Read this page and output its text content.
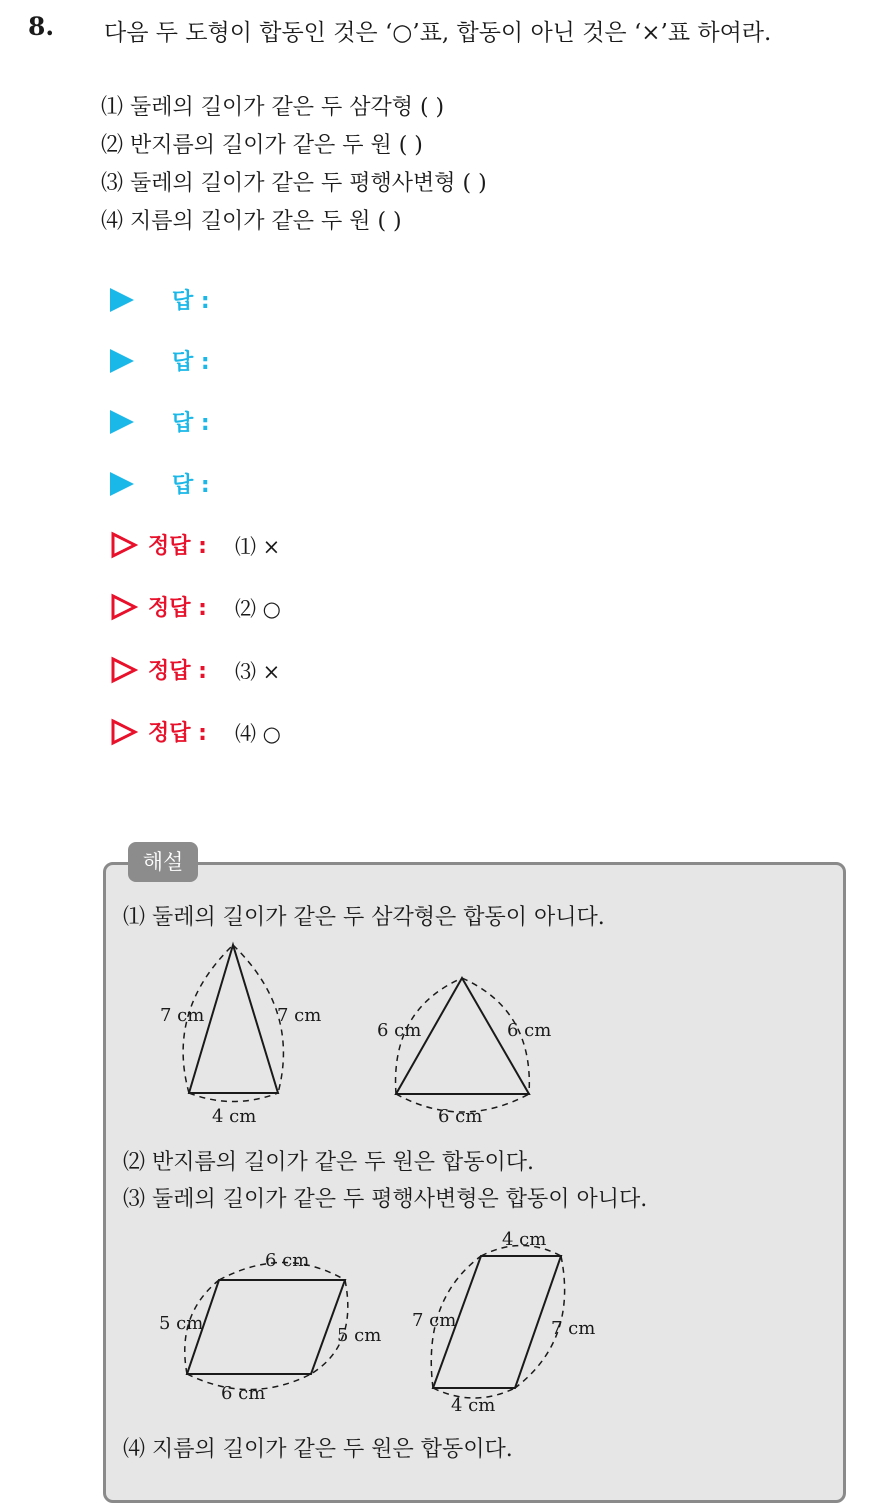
8. 다음 두 도형이 합동인 것은 ‘○’표, 합동이 아닌 것은 ‘×’표 하여라.
⑴ 둘레의 길이가 같은 두 삼각형 ( )
⑵ 반지름의 길이가 같은 두 원 ( )
⑶ 둘레의 길이가 같은 두 평행사변형 ( )
⑷ 지름의 길이가 같은 두 원 ( )
답 :
답 :
답 :
답 :
정답 : ⑴ ×
정답 : ⑵ ○
정답 : ⑶ ×
정답 : ⑷ ○
해설
⑴ 둘레의 길이가 같은 두 삼각형은 합동이 아니다.
⑵ 반지름의 길이가 같은 두 원은 합동이다.
⑶ 둘레의 길이가 같은 두 평행사변형은 합동이 아니다.
⑷ 지름의 길이가 같은 두 원은 합동이다.
7 cm	7 cm
4 cm
6 cm	6 cm
6 cm
6 cm
5 cm
5 cm
6 cm
4 cm
7 cm	7 cm
4 cm
